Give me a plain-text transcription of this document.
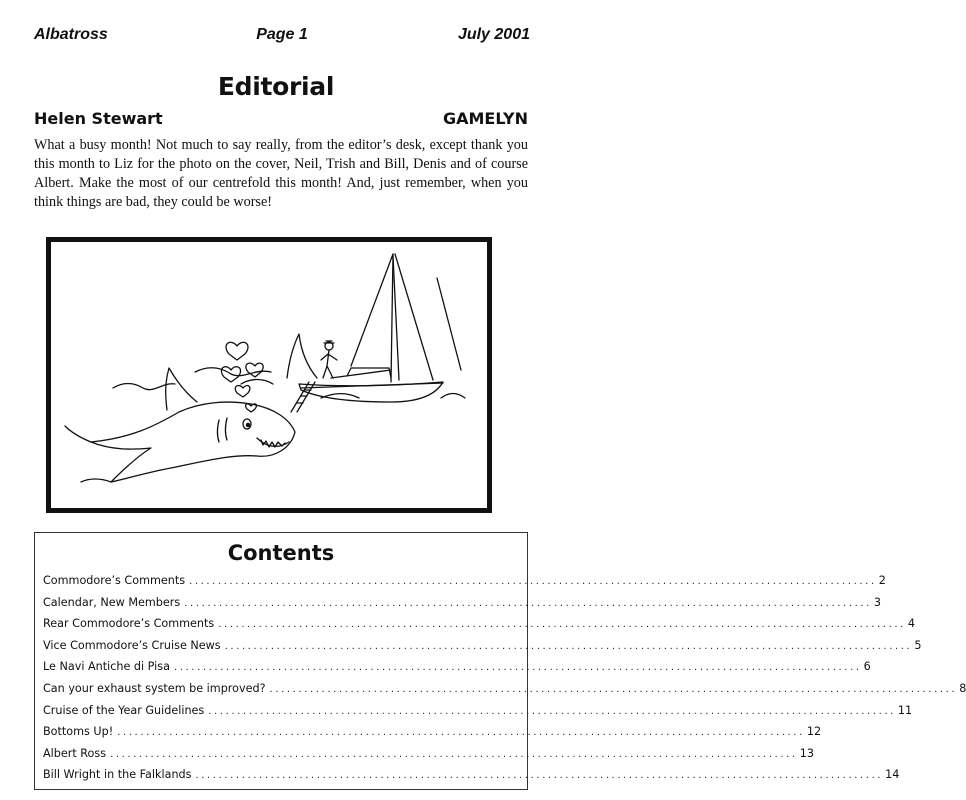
Albatross	Page 1	July 2001
Editorial
Helen Stewart	GAMELYN

What a busy month! Not much to say really, from the editor’s desk, except thank you this month to Liz for the photo on the cover, Neil, Trish and Bill, Denis and of course Albert. Make the most of our centrefold this month! And, just remember, when you think things are bad, they could be worse!

Contents
Commodore’s Comments ....................................................................................................................... 2
Calendar, New Members ....................................................................................................................... 3
Rear Commodore’s Comments ....................................................................................................................... 4
Vice Commodore’s Cruise News ....................................................................................................................... 5
Le Navi Antiche di Pisa ....................................................................................................................... 6
Can your exhaust system be improved? ....................................................................................................................... 8
Cruise of the Year Guidelines ....................................................................................................................... 11
Bottoms Up! ....................................................................................................................... 12
Albert Ross ....................................................................................................................... 13
Bill Wright in the Falklands ....................................................................................................................... 14
